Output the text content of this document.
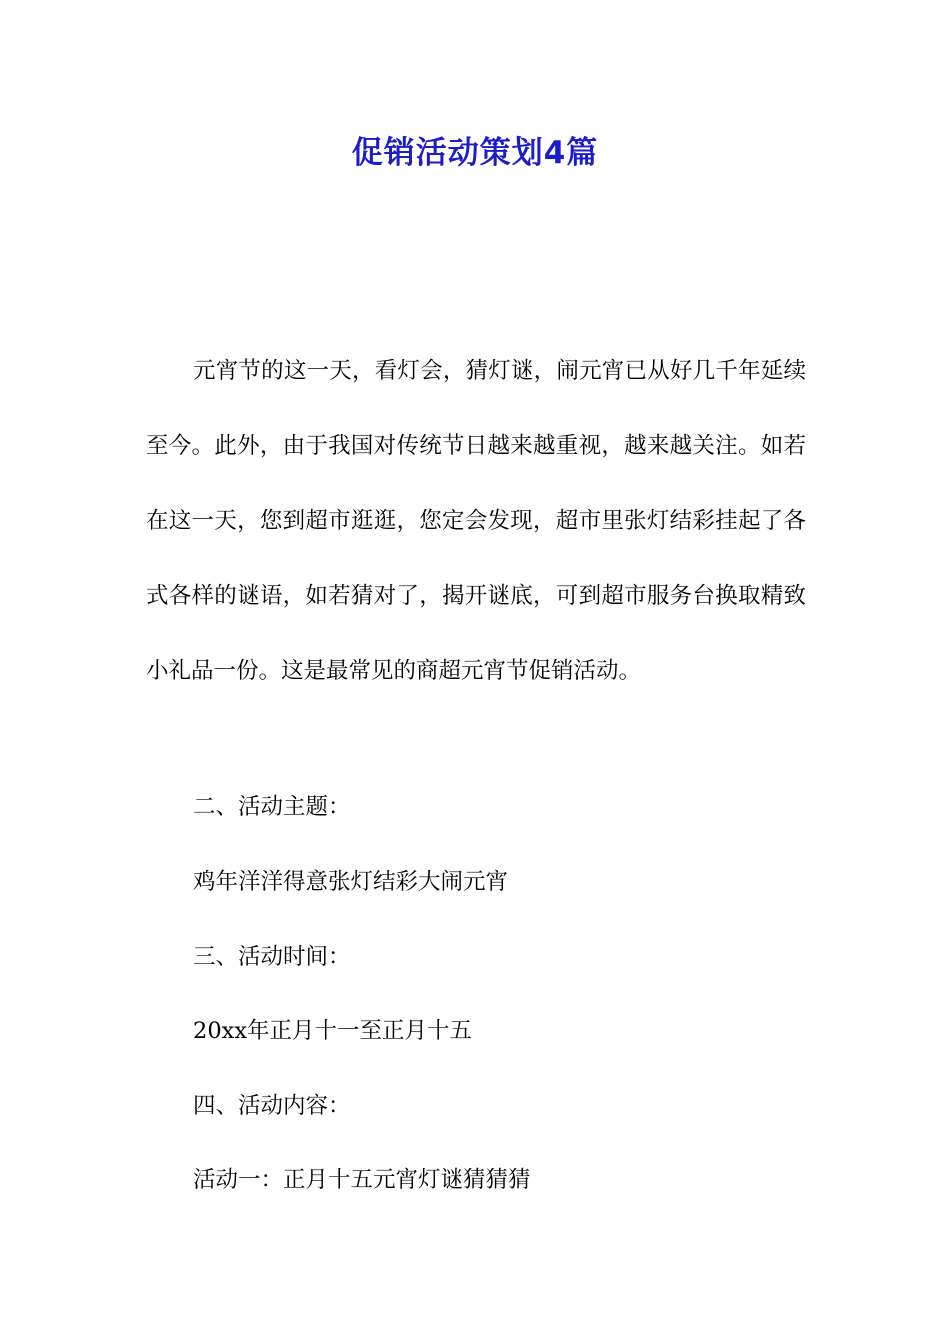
促销活动策划4篇

元宵节的这一天，看灯会，猜灯谜，闹元宵已从好几千年延续至今。此外，由于我国对传统节日越来越重视，越来越关注。如若在这一天，您到超市逛逛，您定会发现，超市里张灯结彩挂起了各式各样的谜语，如若猜对了，揭开谜底，可到超市服务台换取精致小礼品一份。这是最常见的商超元宵节促销活动。

二、活动主题：

鸡年洋洋得意张灯结彩大闹元宵

三、活动时间：

20xx年正月十一至正月十五

四、活动内容：

活动一：正月十五元宵灯谜猜猜猜
